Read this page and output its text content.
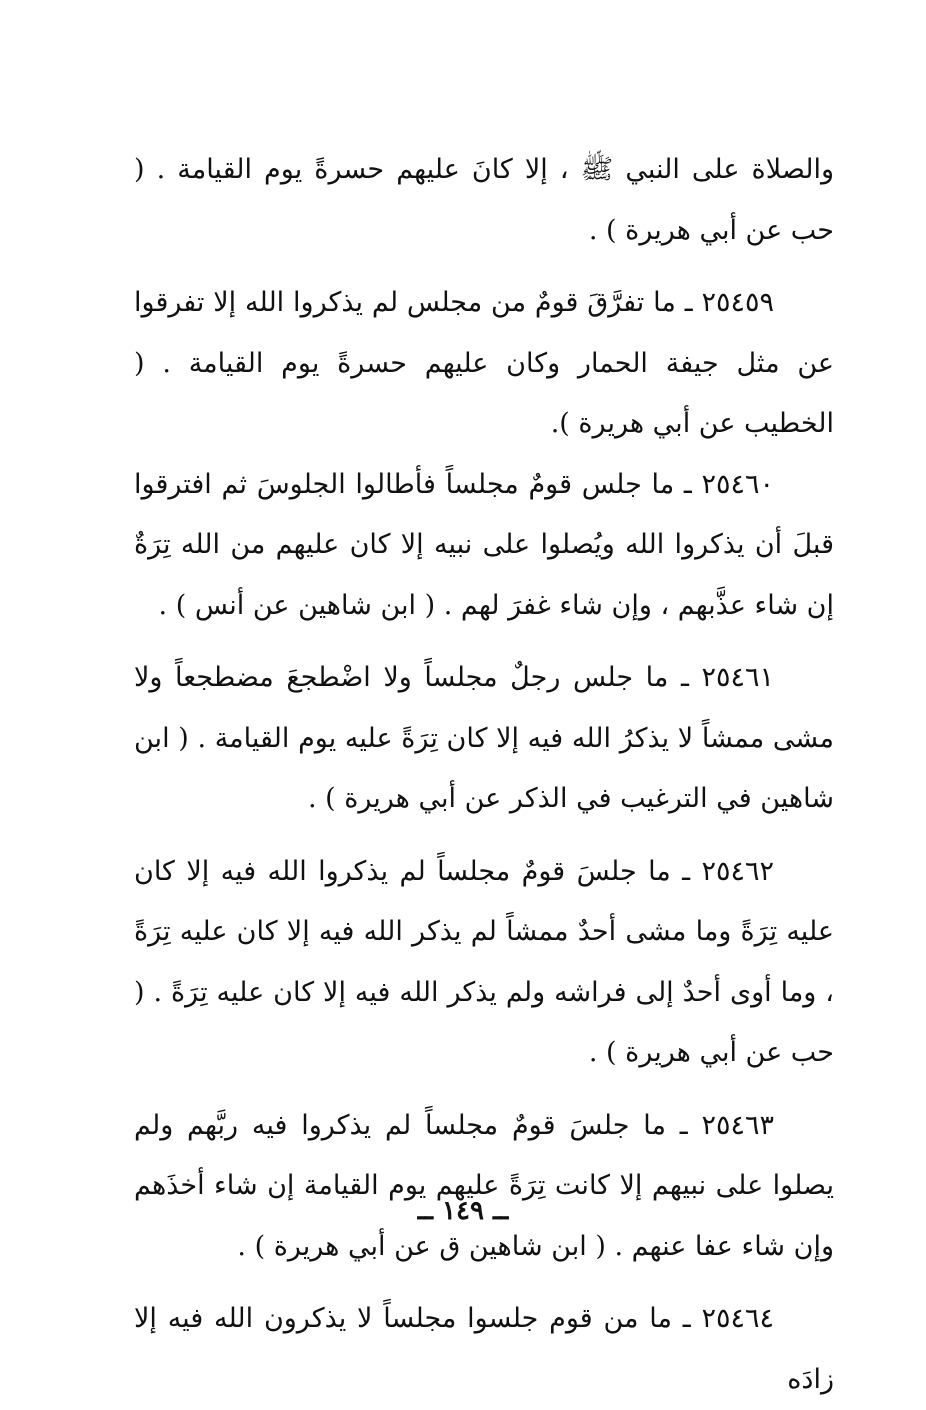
والصلاة على النبي ﷺ ، إلا كانَ عليهم حسرةً يوم القيامة . ( حب عن أبي هريرة ) .

٢٥٤٥٩ ـ ما تفرَّقَ قومٌ من مجلس لم يذكروا الله إلا تفرقوا عن مثل جيفة الحمار وكان عليهم حسرةً يوم القيامة . ( الخطيب عن أبي هريرة ).

٢٥٤٦٠ ـ ما جلس قومٌ مجلساً فأطالوا الجلوسَ ثم افترقوا قبلَ أن يذكروا الله ويُصلوا على نبيه إلا كان عليهم من الله تِرَةٌ إن شاء عذَّبهم ، وإن شاء غفرَ لهم . ( ابن شاهين عن أنس ) .

٢٥٤٦١ ـ ما جلس رجلٌ مجلساً ولا اضْطجعَ مضطجعاً ولا مشى ممشاً لا يذكرُ الله فيه إلا كان تِرَةً عليه يوم القيامة . ( ابن شاهين في الترغيب في الذكر عن أبي هريرة ) .

٢٥٤٦٢ ـ ما جلسَ قومٌ مجلساً لم يذكروا الله فيه إلا كان عليه تِرَةً وما مشى أحدٌ ممشاً لم يذكر الله فيه إلا كان عليه تِرَةً ، وما أوى أحدٌ إلى فراشه ولم يذكر الله فيه إلا كان عليه تِرَةً . ( حب عن أبي هريرة ) .

٢٥٤٦٣ ـ ما جلسَ قومٌ مجلساً لم يذكروا فيه ربَّهم ولم يصلوا على نبيهم إلا كانت تِرَةً عليهم يوم القيامة إن شاء أخذَهم وإن شاء عفا عنهم . ( ابن شاهين ق عن أبي هريرة ) .

٢٥٤٦٤ ـ ما من قوم جلسوا مجلساً لا يذكرون الله فيه إلا زادَه

ــ ١٤٩ ــ
